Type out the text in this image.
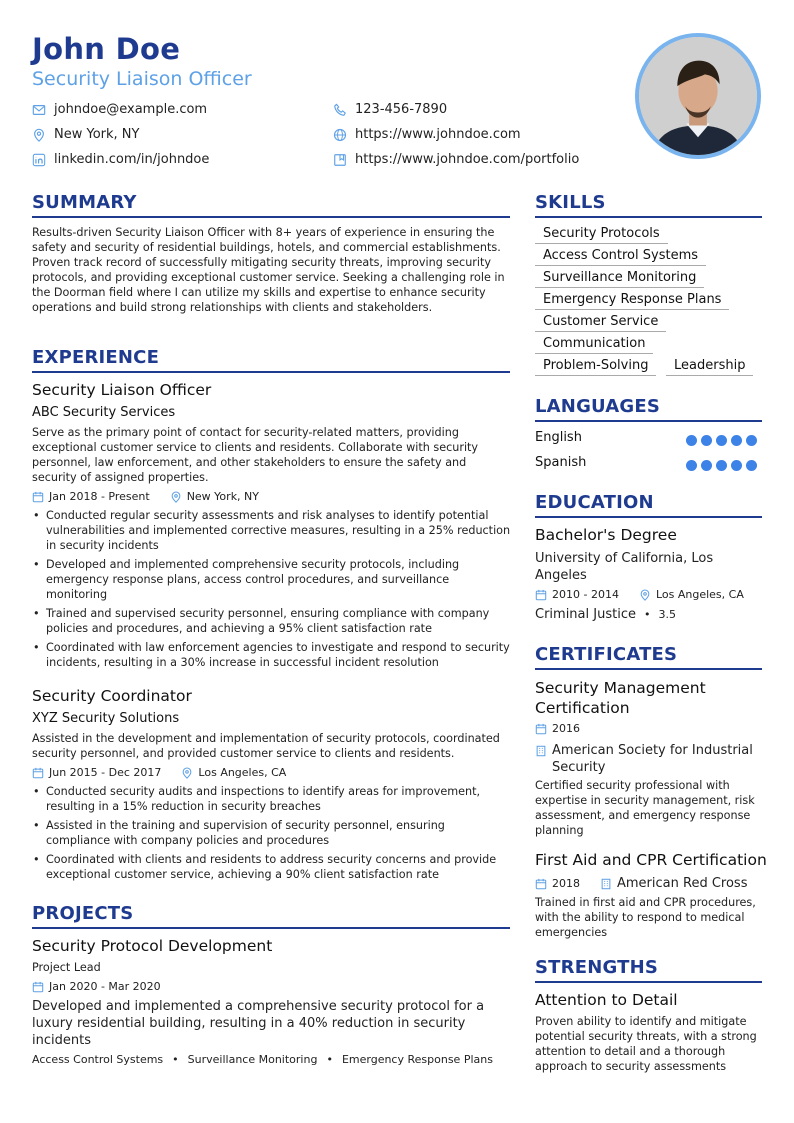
John Doe
Security Liaison Officer
johndoe@example.com	123-456-7890
New York, NY	https://www.johndoe.com
linkedin.com/in/johndoe	https://www.johndoe.com/portfolio
SUMMARY
Results-driven Security Liaison Officer with 8+ years of experience in ensuring the safety and security of residential buildings, hotels, and commercial establishments. Proven track record of successfully mitigating security threats, improving security protocols, and providing exceptional customer service. Seeking a challenging role in the Doorman field where I can utilize my skills and expertise to enhance security operations and build strong relationships with clients and stakeholders.
EXPERIENCE
Security Liaison Officer
ABC Security Services
Serve as the primary point of contact for security-related matters, providing exceptional customer service to clients and residents. Collaborate with security personnel, law enforcement, and other stakeholders to ensure the safety and security of assigned properties.
Jan 2018 - Present	New York, NY
• Conducted regular security assessments and risk analyses to identify potential vulnerabilities and implemented corrective measures, resulting in a 25% reduction in security incidents
• Developed and implemented comprehensive security protocols, including emergency response plans, access control procedures, and surveillance monitoring
• Trained and supervised security personnel, ensuring compliance with company policies and procedures, and achieving a 95% client satisfaction rate
• Coordinated with law enforcement agencies to investigate and respond to security incidents, resulting in a 30% increase in successful incident resolution
Security Coordinator
XYZ Security Solutions
Assisted in the development and implementation of security protocols, coordinated security personnel, and provided customer service to clients and residents.
Jun 2015 - Dec 2017	Los Angeles, CA
• Conducted security audits and inspections to identify areas for improvement, resulting in a 15% reduction in security breaches
• Assisted in the training and supervision of security personnel, ensuring compliance with company policies and procedures
• Coordinated with clients and residents to address security concerns and provide exceptional customer service, achieving a 90% client satisfaction rate
PROJECTS
Security Protocol Development
Project Lead
Jan 2020 - Mar 2020
Developed and implemented a comprehensive security protocol for a luxury residential building, resulting in a 40% reduction in security incidents
Access Control Systems • Surveillance Monitoring • Emergency Response Plans
SKILLS
Security Protocols
Access Control Systems
Surveillance Monitoring
Emergency Response Plans
Customer Service
Communication
Problem-Solving	Leadership
LANGUAGES
English
Spanish
EDUCATION
Bachelor's Degree
University of California, Los Angeles
2010 - 2014	Los Angeles, CA
Criminal Justice • 3.5
CERTIFICATES
Security Management Certification
2016
American Society for Industrial Security
Certified security professional with expertise in security management, risk assessment, and emergency response planning
First Aid and CPR Certification
2018	American Red Cross
Trained in first aid and CPR procedures, with the ability to respond to medical emergencies
STRENGTHS
Attention to Detail
Proven ability to identify and mitigate potential security threats, with a strong attention to detail and a thorough approach to security assessments
